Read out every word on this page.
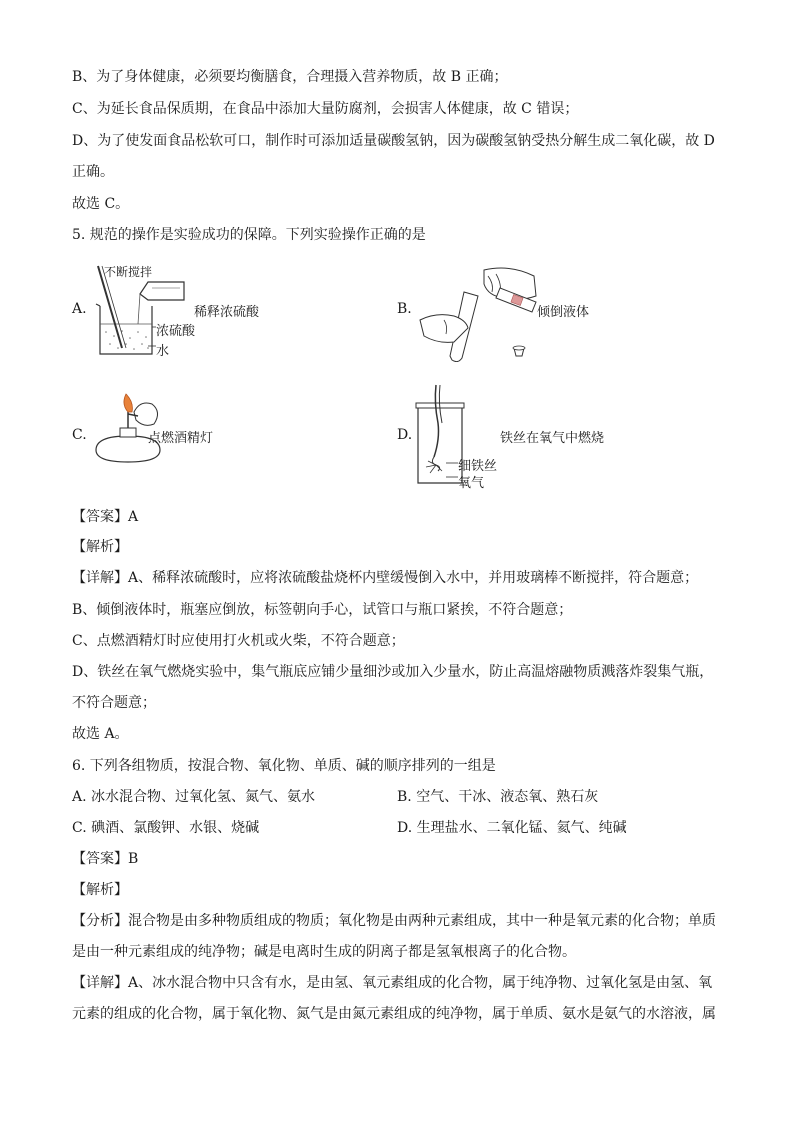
B、为了身体健康，必须要均衡膳食，合理摄入营养物质，故 B 正确；
C、为延长食品保质期，在食品中添加大量防腐剂，会损害人体健康，故 C 错误；
D、为了使发面食品松软可口，制作时可添加适量碳酸氢钠，因为碳酸氢钠受热分解生成二氧化碳，故 D
正确。
故选 C。
5. 规范的操作是实验成功的保障。下列实验操作正确的是
A.
不断搅拌
稀释浓硫酸
浓硫酸
水
B.	倾倒液体
C.	点燃酒精灯	D.
细铁丝
氧气
铁丝在氧气中燃烧
【答案】A
【解析】
【详解】A、稀释浓硫酸时，应将浓硫酸盐烧杯内壁缓慢倒入水中，并用玻璃棒不断搅拌，符合题意；
B、倾倒液体时，瓶塞应倒放，标签朝向手心，试管口与瓶口紧挨，不符合题意；
C、点燃酒精灯时应使用打火机或火柴，不符合题意；
D、铁丝在氧气燃烧实验中，集气瓶底应铺少量细沙或加入少量水，防止高温熔融物质溅落炸裂集气瓶，
不符合题意；
故选 A。
6. 下列各组物质，按混合物、氧化物、单质、碱的顺序排列的一组是
A. 冰水混合物、过氧化氢、氮气、氨水	B. 空气、干冰、液态氧、熟石灰
C. 碘酒、氯酸钾、水银、烧碱	D. 生理盐水、二氧化锰、氦气、纯碱
【答案】B
【解析】
【分析】混合物是由多种物质组成的物质；氧化物是由两种元素组成，其中一种是氧元素的化合物；单质
是由一种元素组成的纯净物；碱是电离时生成的阴离子都是氢氧根离子的化合物。
【详解】A、冰水混合物中只含有水，是由氢、氧元素组成的化合物，属于纯净物、过氧化氢是由氢、氧
元素的组成的化合物，属于氧化物、氮气是由氮元素组成的纯净物，属于单质、氨水是氨气的水溶液，属
